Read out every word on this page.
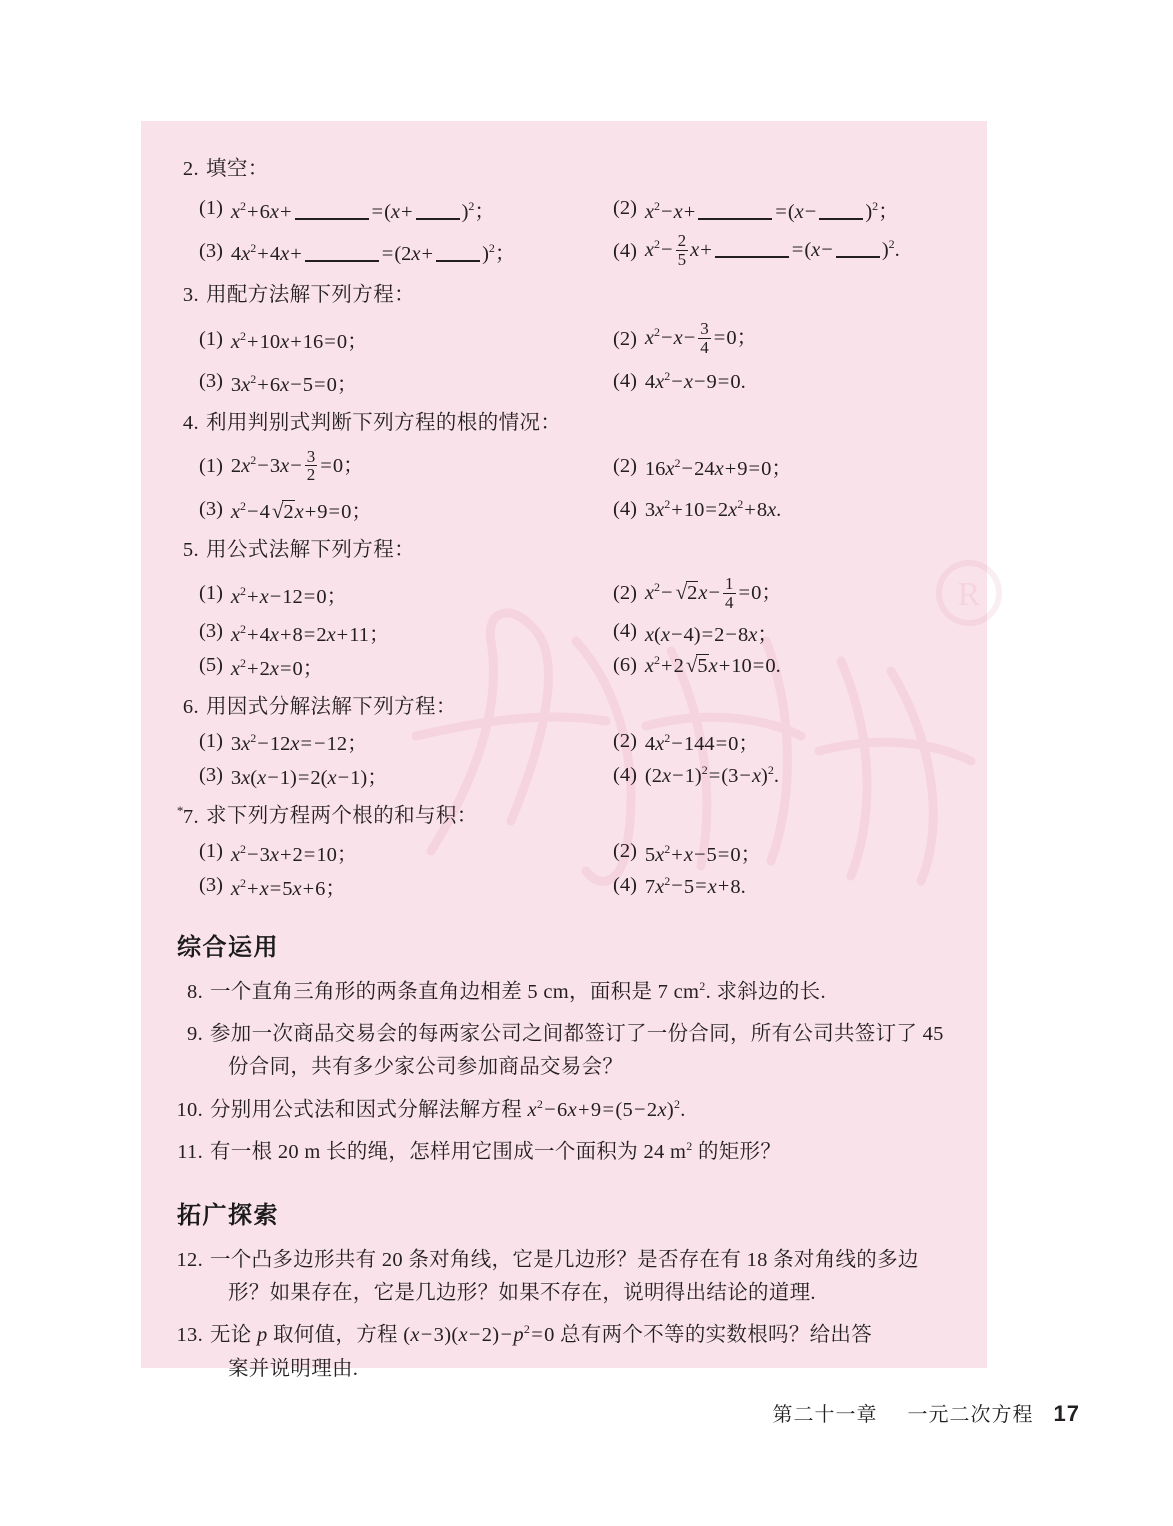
R
2. 填空：
(1) $x^2+6x+$	$=(x+ )^2$；	(2) $x^2-x+$	$=(x- )^2$；
(3) $4x^2+4x+$	$=(2x+ )^2$；	(4) $x^2- \frac{2}{5} x+$	$=(x- )^2$.
3. 用配方法解下列方程：
(1) $x^2+10x+16=0$；	(2) $x^2-x- \frac{3}{4} =0$；
(3) $3x^2+6x-5=0$；	(4) $4x^2-x-9=0$.
4. 利用判别式判断下列方程的根的情况：
(1) $2x^2-3x- \frac{3}{2} =0$；	(2) $16x^2-24x+9=0$；
(3) $x^2-4√2x+9=0$；	(4) $3x^2+10=2x^2+8x$.
5. 用公式法解下列方程：
(1) $x^2+x-12=0$；	(2) $x^2- √2x- \frac{1}{4} =0$；
(3) $x^2+4x+8=2x+11$；	(4) x(x−4)=2−8x；
(5) $x^2+2x=0$；	(6) $x^2+2√5x+10=0$.
6. 用因式分解法解下列方程：
(1) $3x^2-12x=-12$；	(2) $4x^2-144=0$；
(3) 3x(x−1)=2(x−1)；	(4) $(2x-1)^2=(3-x)^2$.
*7. 求下列方程两个根的和与积：
(1) $x^2-3x+2=10$；	(2) $5x^2+x-5=0$；
(3) $x^2+x=5x+6$；	(4) $7x^2-5=x+8$.
综合运用
8. 一个直角三角形的两条直角边相差 5 cm，面积是 7 $cm^2$. 求斜边的长.
9. 参加一次商品交易会的每两家公司之间都签订了一份合同，所有公司共签订了 45
份合同，共有多少家公司参加商品交易会？
10. 分别用公式法和因式分解法解方程 $x^2-6x+9=(5-2x)^2$.
11. 有一根 20 m 长的绳，怎样用它围成一个面积为 24 $m^2$ 的矩形？
拓广探索
12. 一个凸多边形共有 20 条对角线，它是几边形？是否存在有 18 条对角线的多边
形？如果存在，它是几边形？如果不存在，说明得出结论的道理.
13. 无论 p 取何值，方程 $(x-3)(x-2)-p^2=0$ 总有两个不等的实数根吗？给出答
案并说明理由.
第二十一章 一元二次方程 17
